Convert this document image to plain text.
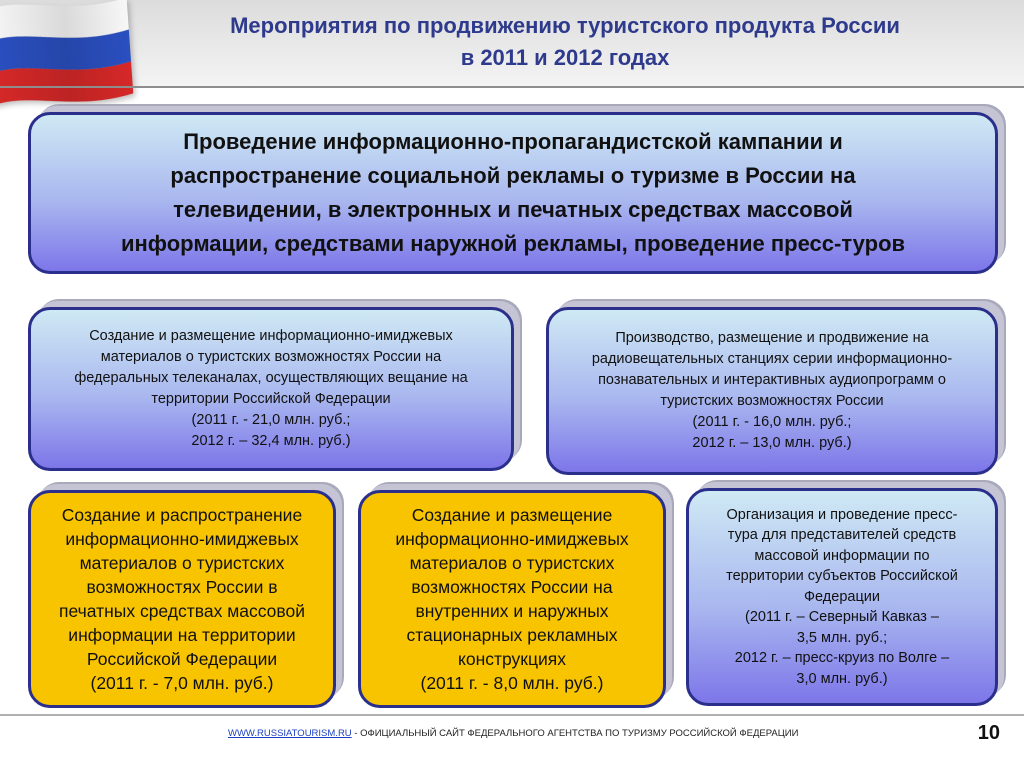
Мероприятия по продвижению туристского продукта России
в 2011 и 2012 годах
Проведение информационно-пропагандистской кампании и
распространение социальной рекламы о туризме в России на
телевидении, в электронных и печатных средствах массовой
информации, средствами наружной рекламы, проведение пресс-туров
Создание и размещение информационно-имиджевых
материалов о туристских возможностях России на
федеральных телеканалах, осуществляющих вещание на
территории Российской Федерации
(2011 г. - 21,0 млн. руб.;
2012 г. – 32,4 млн. руб.)
Производство, размещение и продвижение на
радиовещательных станциях серии информационно-
познавательных и интерактивных аудиопрограмм о
туристских возможностях России
(2011 г. - 16,0 млн. руб.;
2012 г. – 13,0 млн. руб.)
Создание и распространение
информационно-имиджевых
материалов о туристских
возможностях России в
печатных средствах массовой
информации на территории
Российской Федерации
(2011 г. - 7,0 млн. руб.)
Создание и размещение
информационно-имиджевых
материалов о туристских
возможностях России на
внутренних и наружных
стационарных рекламных
конструкциях
(2011 г. - 8,0 млн. руб.)
Организация и проведение пресс-
тура для представителей средств
массовой информации по
территории субъектов Российской
Федерации
(2011 г. – Северный Кавказ –
3,5 млн. руб.;
2012 г. – пресс-круиз по Волге –
3,0 млн. руб.)
WWW.RUSSIATOURISM.RU - ОФИЦИАЛЬНЫЙ САЙТ ФЕДЕРАЛЬНОГО АГЕНТСТВА ПО ТУРИЗМУ РОССИЙСКОЙ ФЕДЕРАЦИИ	10
